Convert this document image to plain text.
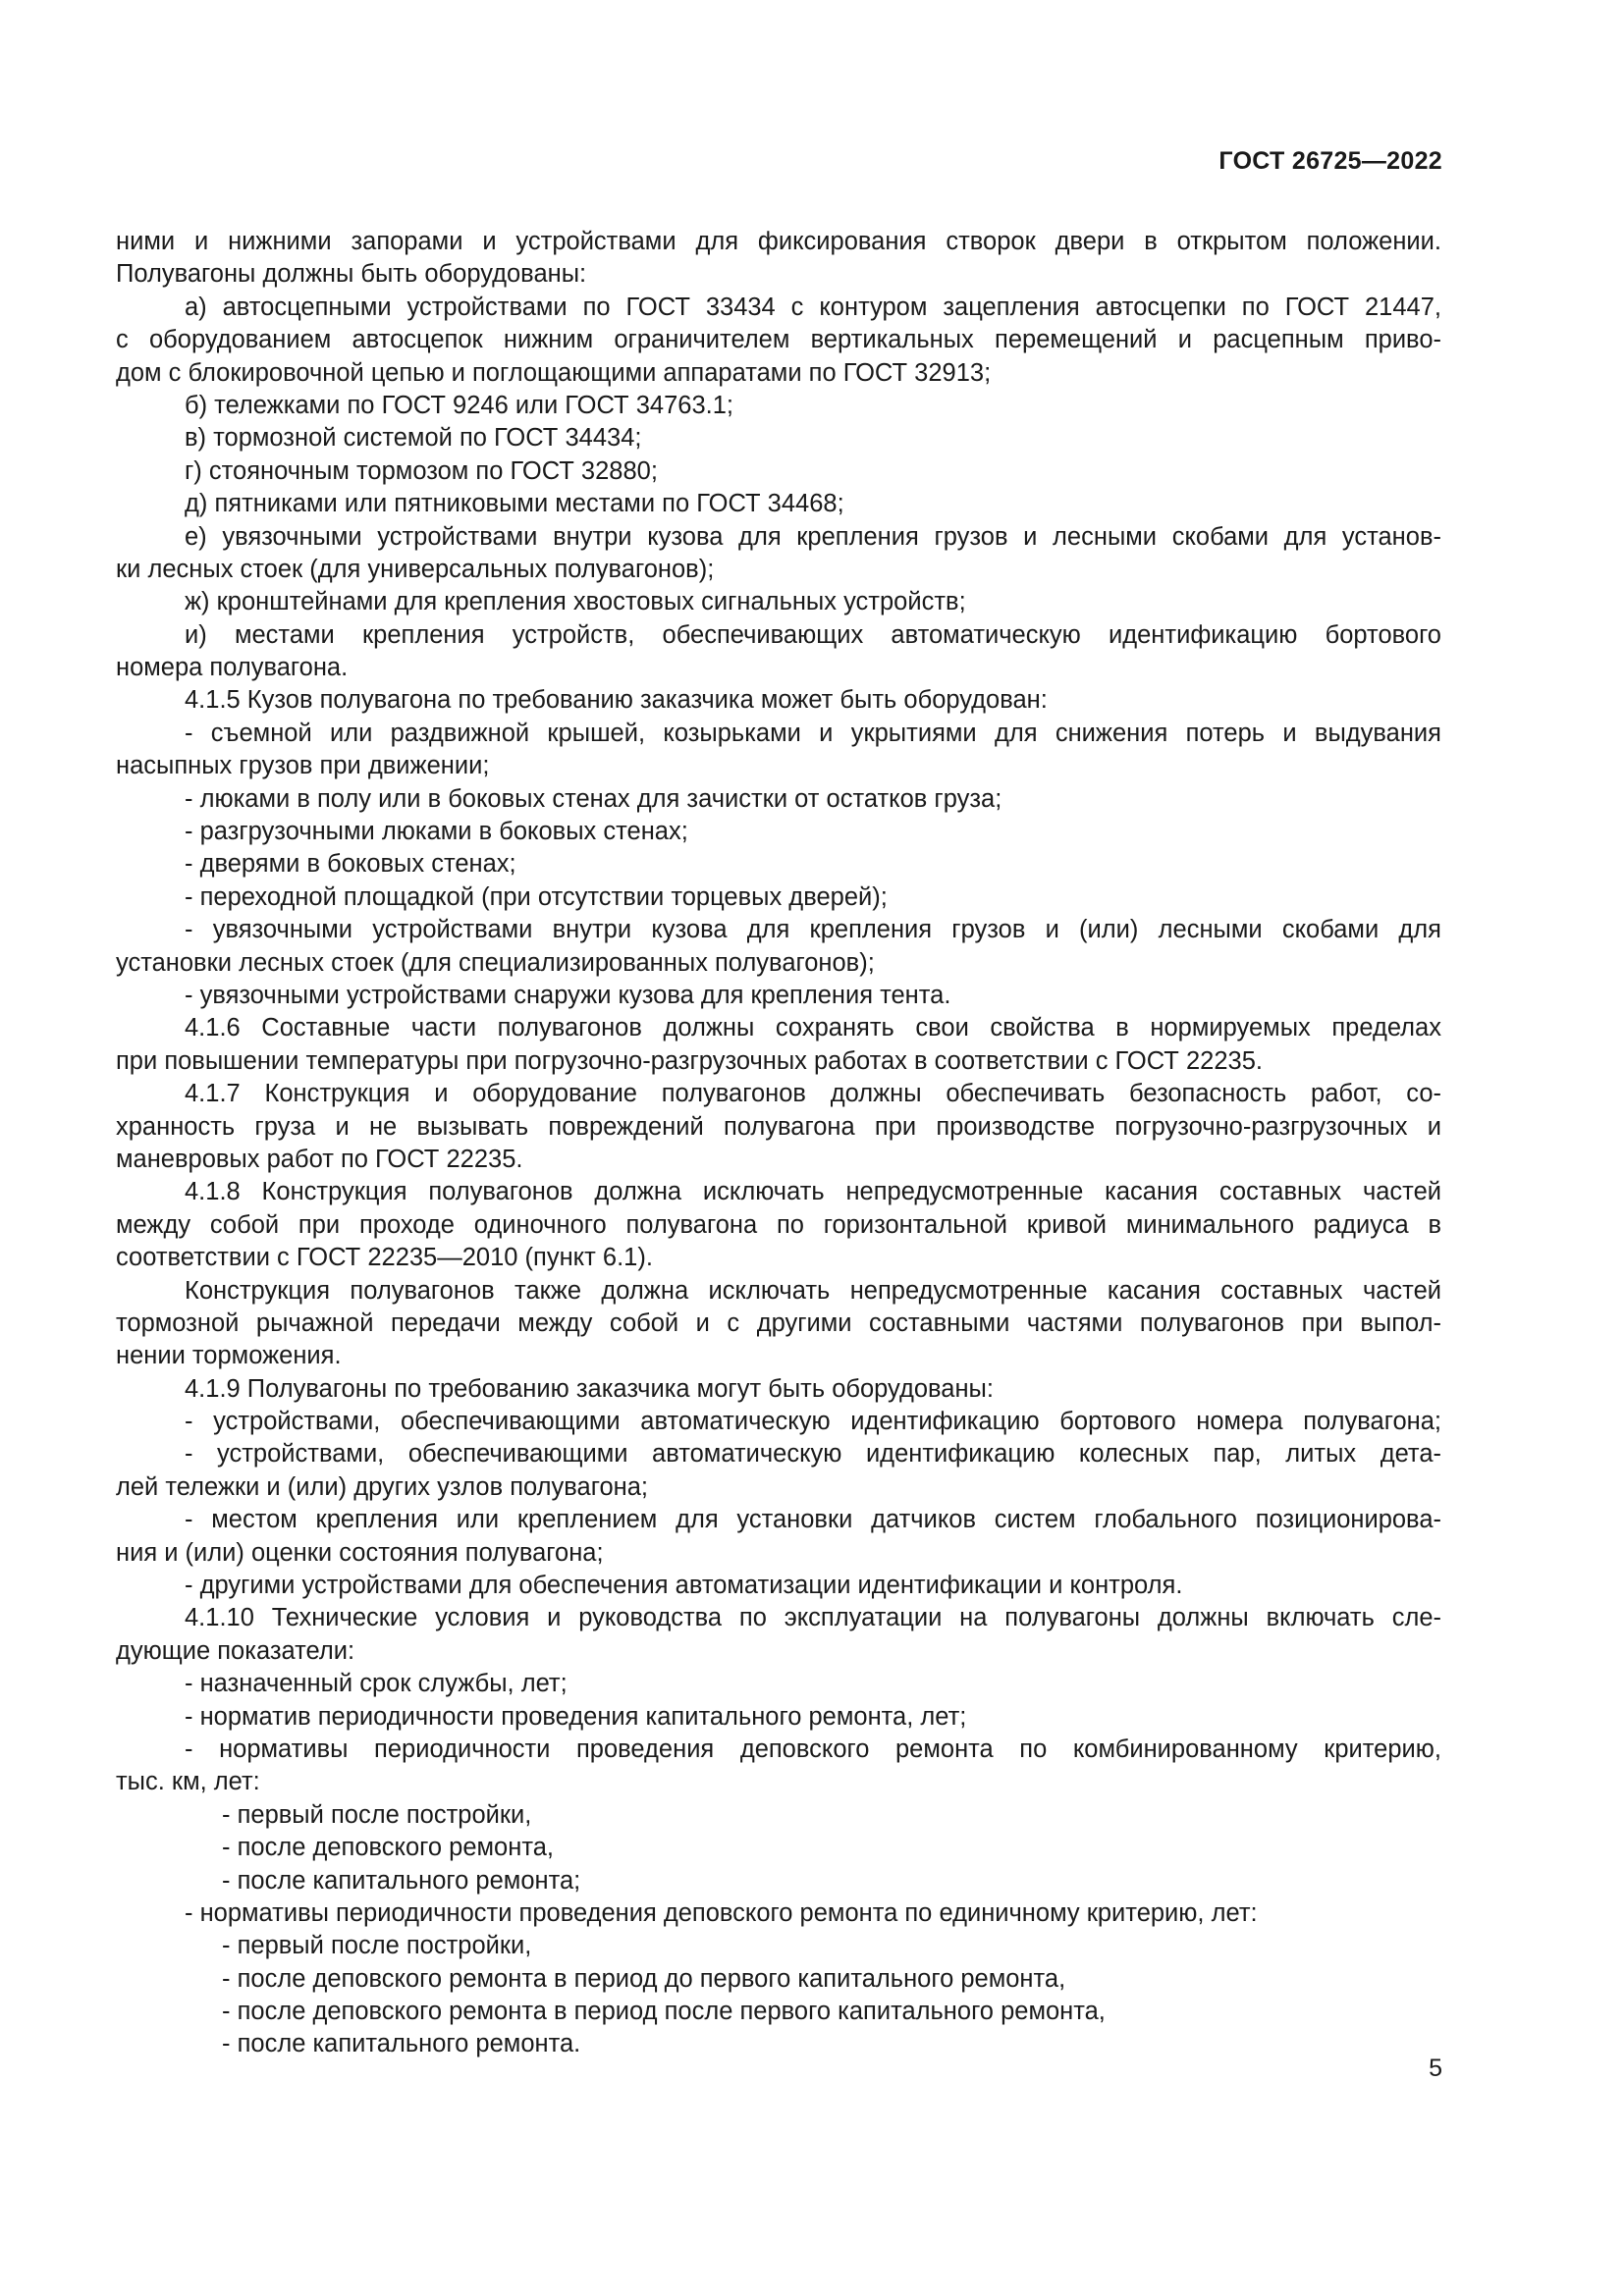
ГОСТ 26725—2022
ними и нижними запорами и устройствами для фиксирования створок двери в открытом положении.
Полувагоны должны быть оборудованы:
а) автосцепными устройствами по ГОСТ 33434 с контуром зацепления автосцепки по ГОСТ 21447,
с оборудованием автосцепок нижним ограничителем вертикальных перемещений и расцепным приво-
дом с блокировочной цепью и поглощающими аппаратами по ГОСТ 32913;
б) тележками по ГОСТ 9246 или ГОСТ 34763.1;
в) тормозной системой по ГОСТ 34434;
г) стояночным тормозом по ГОСТ 32880;
д) пятниками или пятниковыми местами по ГОСТ 34468;
е) увязочными устройствами внутри кузова для крепления грузов и лесными скобами для установ-
ки лесных стоек (для универсальных полувагонов);
ж) кронштейнами для крепления хвостовых сигнальных устройств;
и) местами крепления устройств, обеспечивающих автоматическую идентификацию бортового
номера полувагона.
4.1.5 Кузов полувагона по требованию заказчика может быть оборудован:
- съемной или раздвижной крышей, козырьками и укрытиями для снижения потерь и выдувания
насыпных грузов при движении;
- люками в полу или в боковых стенах для зачистки от остатков груза;
- разгрузочными люками в боковых стенах;
- дверями в боковых стенах;
- переходной площадкой (при отсутствии торцевых дверей);
- увязочными устройствами внутри кузова для крепления грузов и (или) лесными скобами для
установки лесных стоек (для специализированных полувагонов);
- увязочными устройствами снаружи кузова для крепления тента.
4.1.6 Составные части полувагонов должны сохранять свои свойства в нормируемых пределах
при повышении температуры при погрузочно-разгрузочных работах в соответствии с ГОСТ 22235.
4.1.7 Конструкция и оборудование полувагонов должны обеспечивать безопасность работ, со-
хранность груза и не вызывать повреждений полувагона при производстве погрузочно-разгрузочных и
маневровых работ по ГОСТ 22235.
4.1.8 Конструкция полувагонов должна исключать непредусмотренные касания составных частей
между собой при проходе одиночного полувагона по горизонтальной кривой минимального радиуса в
соответствии с ГОСТ 22235—2010 (пункт 6.1).
Конструкция полувагонов также должна исключать непредусмотренные касания составных частей
тормозной рычажной передачи между собой и с другими составными частями полувагонов при выпол-
нении торможения.
4.1.9 Полувагоны по требованию заказчика могут быть оборудованы:
- устройствами, обеспечивающими автоматическую идентификацию бортового номера полувагона;
- устройствами, обеспечивающими автоматическую идентификацию колесных пар, литых дета-
лей тележки и (или) других узлов полувагона;
- местом крепления или креплением для установки датчиков систем глобального позиционирова-
ния и (или) оценки состояния полувагона;
- другими устройствами для обеспечения автоматизации идентификации и контроля.
4.1.10 Технические условия и руководства по эксплуатации на полувагоны должны включать сле-
дующие показатели:
- назначенный срок службы, лет;
- норматив периодичности проведения капитального ремонта, лет;
- нормативы периодичности проведения деповского ремонта по комбинированному критерию,
тыс. км, лет:
- первый после постройки,
- после деповского ремонта,
- после капитального ремонта;
- нормативы периодичности проведения деповского ремонта по единичному критерию, лет:
- первый после постройки,
- после деповского ремонта в период до первого капитального ремонта,
- после деповского ремонта в период после первого капитального ремонта,
- после капитального ремонта.
5
